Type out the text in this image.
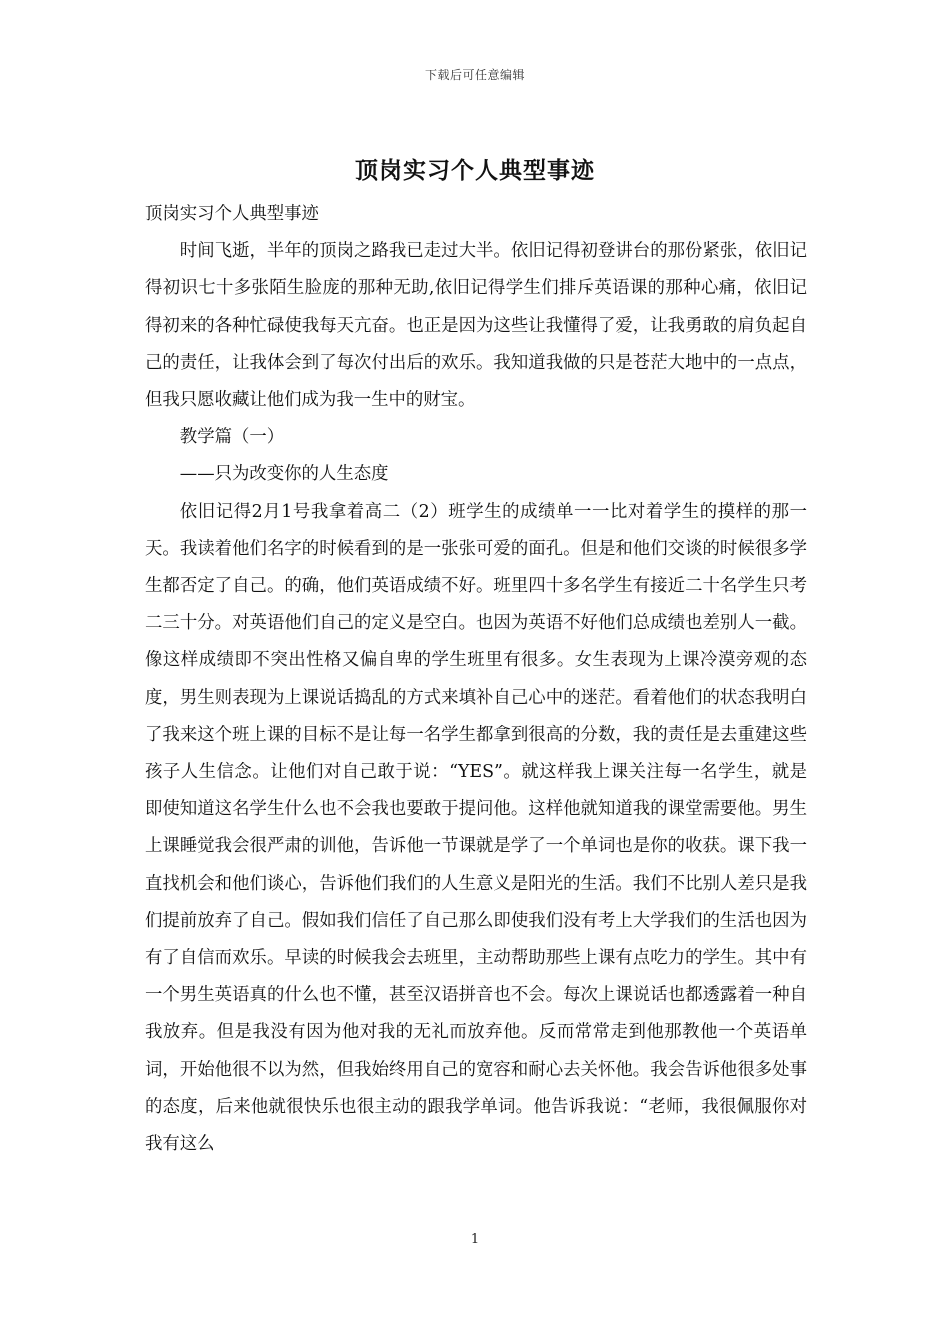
下载后可任意编辑
顶岗实习个人典型事迹

顶岗实习个人典型事迹

时间飞逝，半年的顶岗之路我已走过大半。依旧记得初登讲台的那份紧张，依旧记得初识七十多张陌生脸庞的那种无助,依旧记得学生们排斥英语课的那种心痛，依旧记得初来的各种忙碌使我每天亢奋。也正是因为这些让我懂得了爱，让我勇敢的肩负起自己的责任，让我体会到了每次付出后的欢乐。我知道我做的只是苍茫大地中的一点点，但我只愿收藏让他们成为我一生中的财宝。

教学篇（一）

——只为改变你的人生态度

依旧记得2月1号我拿着高二（2）班学生的成绩单一一比对着学生的摸样的那一天。我读着他们名字的时候看到的是一张张可爱的面孔。但是和他们交谈的时候很多学生都否定了自己。的确，他们英语成绩不好。班里四十多名学生有接近二十名学生只考二三十分。对英语他们自己的定义是空白。也因为英语不好他们总成绩也差别人一截。像这样成绩即不突出性格又偏自卑的学生班里有很多。女生表现为上课冷漠旁观的态度，男生则表现为上课说话捣乱的方式来填补自己心中的迷茫。看着他们的状态我明白了我来这个班上课的目标不是让每一名学生都拿到很高的分数，我的责任是去重建这些孩子人生信念。让他们对自己敢于说：“YES”。就这样我上课关注每一名学生，就是即使知道这名学生什么也不会我也要敢于提问他。这样他就知道我的课堂需要他。男生上课睡觉我会很严肃的训他，告诉他一节课就是学了一个单词也是你的收获。课下我一直找机会和他们谈心，告诉他们我们的人生意义是阳光的生活。我们不比别人差只是我们提前放弃了自己。假如我们信任了自己那么即使我们没有考上大学我们的生活也因为有了自信而欢乐。早读的时候我会去班里，主动帮助那些上课有点吃力的学生。其中有一个男生英语真的什么也不懂，甚至汉语拼音也不会。每次上课说话也都透露着一种自我放弃。但是我没有因为他对我的无礼而放弃他。反而常常走到他那教他一个英语单词，开始他很不以为然，但我始终用自己的宽容和耐心去关怀他。我会告诉他很多处事的态度，后来他就很快乐也很主动的跟我学单词。他告诉我说：“老师，我很佩服你对我有这么

1
